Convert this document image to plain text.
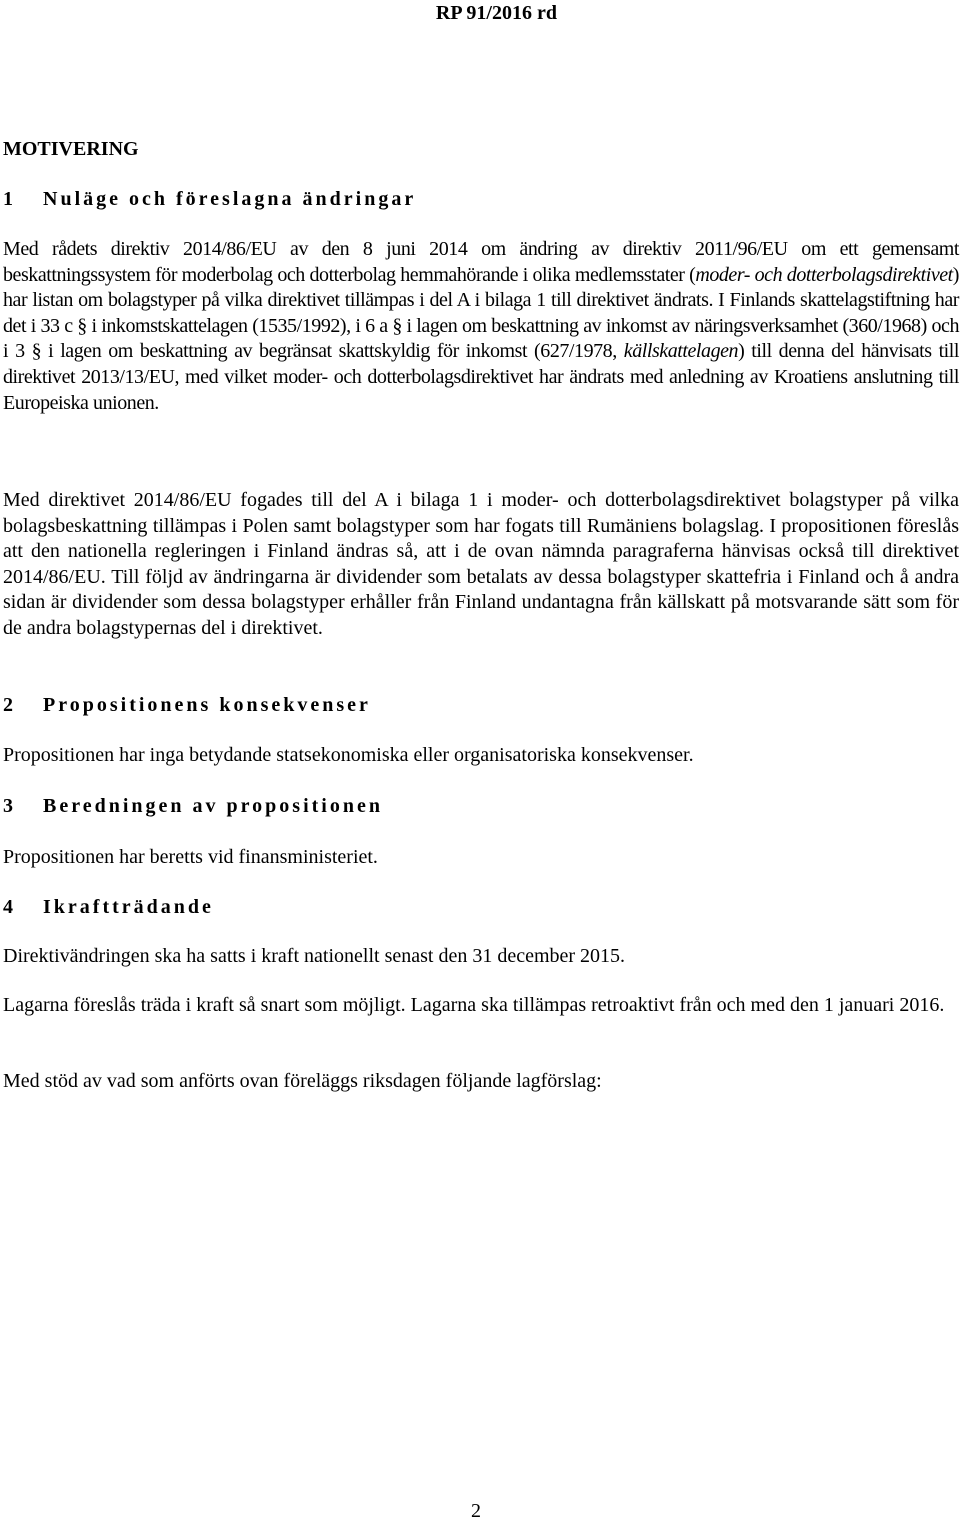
RP 91/2016 rd
MOTIVERING
1 Nuläge och föreslagna ändringar

Med rådets direktiv 2014/86/EU av den 8 juni 2014 om ändring av direktiv 2011/96/EU om ett gemensamt beskattningssystem för moderbolag och dotterbolag hemmahörande i olika medlemsstater (moder- och dotterbolagsdirektivet) har listan om bolagstyper på vilka direktivet tillämpas i del A i bilaga 1 till direktivet ändrats. I Finlands skattelagstiftning har det i 33 c § i inkomstskattelagen (1535/1992), i 6 a § i lagen om beskattning av inkomst av näringsverksamhet (360/1968) och i 3 § i lagen om beskattning av begränsat skattskyldig för inkomst (627/1978, källskattelagen) till denna del hänvisats till direktivet 2013/13/EU, med vilket moder- och dotterbolagsdirektivet har ändrats med anledning av Kroatiens anslutning till Europeiska unionen.

Med direktivet 2014/86/EU fogades till del A i bilaga 1 i moder- och dotterbolagsdirektivet bolagstyper på vilka bolagsbeskattning tillämpas i Polen samt bolagstyper som har fogats till Rumäniens bolagslag. I propositionen föreslås att den nationella regleringen i Finland ändras så, att i de ovan nämnda paragraferna hänvisas också till direktivet 2014/86/EU. Till följd av ändringarna är dividender som betalats av dessa bolagstyper skattefria i Finland och å andra sidan är dividender som dessa bolagstyper erhåller från Finland undantagna från källskatt på motsvarande sätt som för de andra bolagstypernas del i direktivet.

2 Propositionens konsekvenser

Propositionen har inga betydande statsekonomiska eller organisatoriska konsekvenser.

3 Beredningen av propositionen

Propositionen har beretts vid finansministeriet.

4 Ikraftträdande

Direktivändringen ska ha satts i kraft nationellt senast den 31 december 2015.

Lagarna föreslås träda i kraft så snart som möjligt. Lagarna ska tillämpas retroaktivt från och med den 1 januari 2016.

Med stöd av vad som anförts ovan föreläggs riksdagen följande lagförslag:

2
